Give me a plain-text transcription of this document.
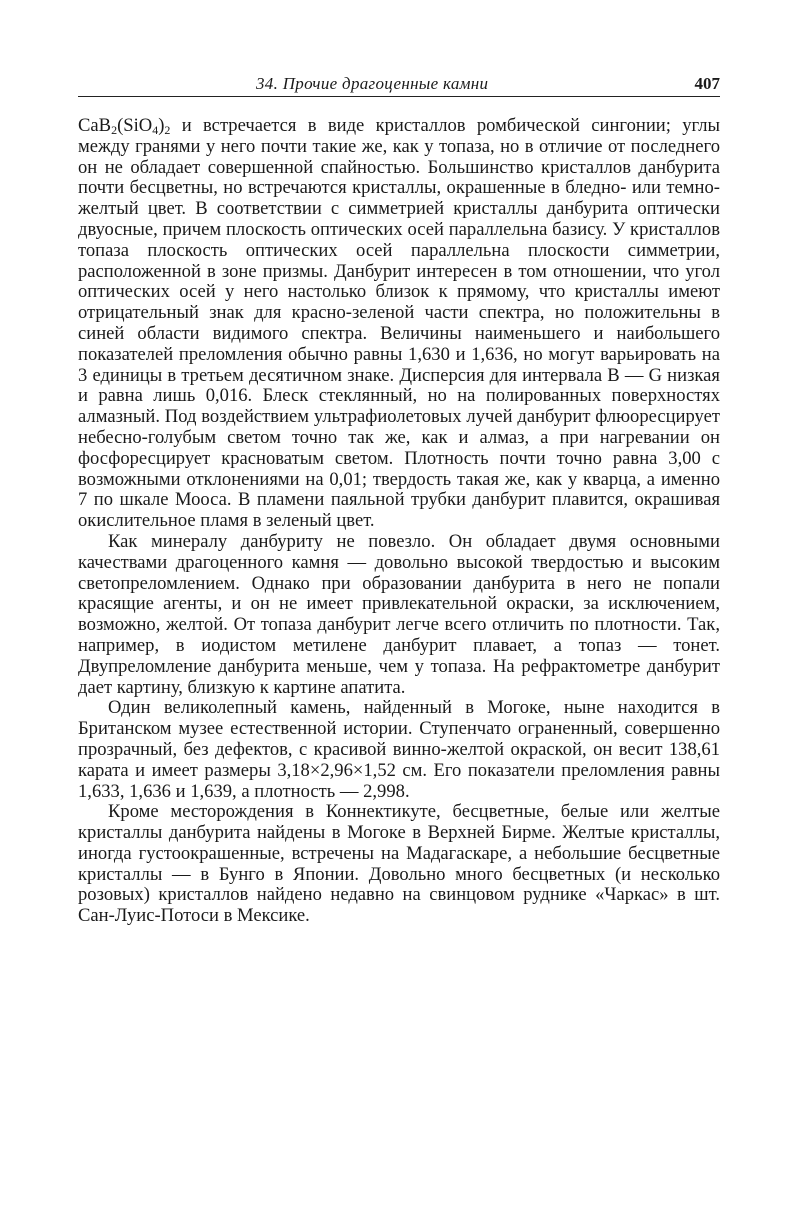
34. Прочие драгоценные камни	407

$CaB_2(SiO_4)_2$ и встречается в виде кристаллов ромбической сингонии; углы между гранями у него почти такие же, как у топаза, но в отличие от последнего он не обладает совершенной спайностью. Большинство кристаллов данбурита почти бесцветны, но встречаются кристаллы, окрашенные в бледно- или темно-желтый цвет. В соответствии с симметрией кристаллы данбурита оптически двуосные, причем плоскость оптических осей параллельна базису. У кристаллов топаза плоскость оптических осей параллельна плоскости симметрии, расположенной в зоне призмы. Данбурит интересен в том отношении, что угол оптических осей у него настолько близок к прямому, что кристаллы имеют отрицательный знак для красно-зеленой части спектра, но положительны в синей области видимого спектра. Величины наименьшего и наибольшего показателей преломления обычно равны 1,630 и 1,636, но могут варьировать на 3 единицы в третьем десятичном знаке. Дисперсия для интервала B — G низкая и равна лишь 0,016. Блеск стеклянный, но на полированных поверхностях алмазный. Под воздействием ультрафиолетовых лучей данбурит флюоресцирует небесно-голубым светом точно так же, как и алмаз, а при нагревании он фосфоресцирует красноватым светом. Плотность почти точно равна 3,00 с возможными отклонениями на 0,01; твердость такая же, как у кварца, а именно 7 по шкале Мооса. В пламени паяльной трубки данбурит плавится, окрашивая окислительное пламя в зеленый цвет.

Как минералу данбуриту не повезло. Он обладает двумя основными качествами драгоценного камня — довольно высокой твердостью и высоким светопреломлением. Однако при образовании данбурита в него не попали красящие агенты, и он не имеет привлекательной окраски, за исключением, возможно, желтой. От топаза данбурит легче всего отличить по плотности. Так, например, в иодистом метилене данбурит плавает, а топаз — тонет. Двупреломление данбурита меньше, чем у топаза. На рефрактометре данбурит дает картину, близкую к картине апатита.

Один великолепный камень, найденный в Могоке, ныне находится в Британском музее естественной истории. Ступенчато ограненный, совершенно прозрачный, без дефектов, с красивой винно-желтой окраской, он весит 138,61 карата и имеет размеры 3,18×2,96×1,52 см. Его показатели преломления равны 1,633, 1,636 и 1,639, а плотность — 2,998.

Кроме месторождения в Коннектикуте, бесцветные, белые или желтые кристаллы данбурита найдены в Могоке в Верхней Бирме. Желтые кристаллы, иногда густоокрашенные, встречены на Мадагаскаре, а небольшие бесцветные кристаллы — в Бунго в Японии. Довольно много бесцветных (и несколько розовых) кристаллов найдено недавно на свинцовом руднике «Чаркас» в шт. Сан-Луис-Потоси в Мексике.
